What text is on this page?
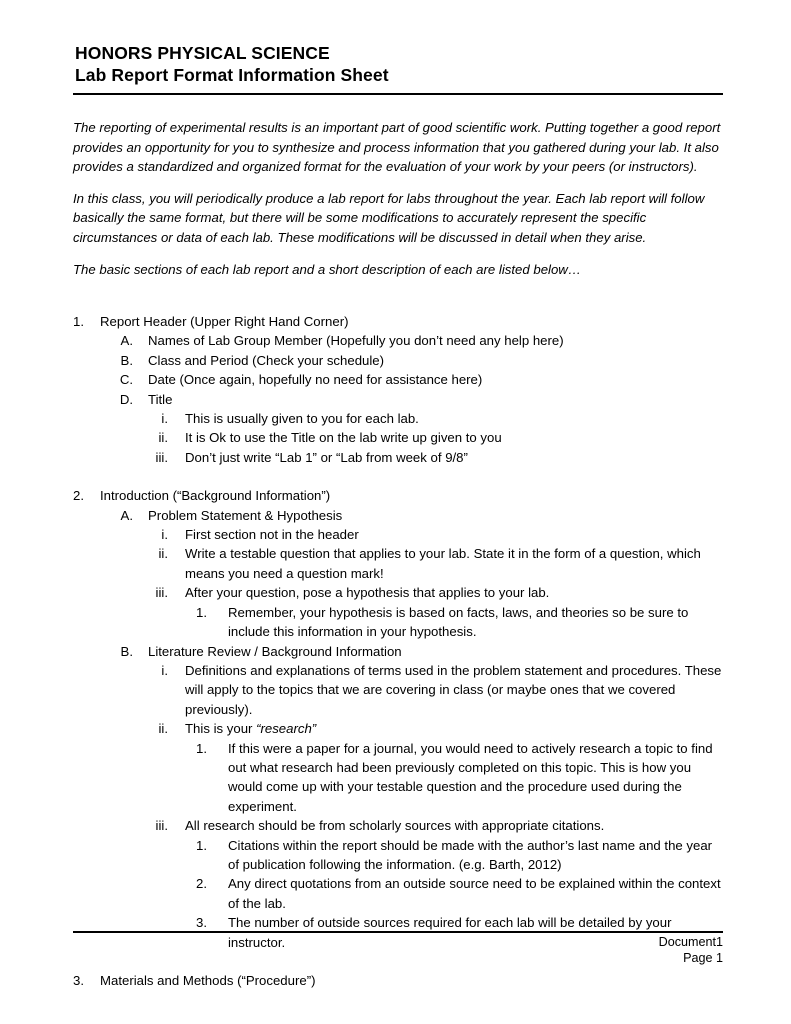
HONORS PHYSICAL SCIENCE
Lab Report Format Information Sheet

The reporting of experimental results is an important part of good scientific work. Putting together a good report provides an opportunity for you to synthesize and process information that you gathered during your lab. It also provides a standardized and organized format for the evaluation of your work by your peers (or instructors).

In this class, you will periodically produce a lab report for labs throughout the year. Each lab report will follow basically the same format, but there will be some modifications to accurately represent the specific circumstances or data of each lab. These modifications will be discussed in detail when they arise.

The basic sections of each lab report and a short description of each are listed below…

1. Report Header (Upper Right Hand Corner)
A. Names of Lab Group Member (Hopefully you don’t need any help here)
B. Class and Period (Check your schedule)
C. Date (Once again, hopefully no need for assistance here)
D. Title
i. This is usually given to you for each lab.
ii. It is Ok to use the Title on the lab write up given to you
iii. Don’t just write “Lab 1” or “Lab from week of 9/8”
2. Introduction (“Background Information”)
A. Problem Statement & Hypothesis
i. First section not in the header
ii. Write a testable question that applies to your lab. State it in the form of a question, which means you need a question mark!
iii. After your question, pose a hypothesis that applies to your lab.
1. Remember, your hypothesis is based on facts, laws, and theories so be sure to include this information in your hypothesis.
B. Literature Review / Background Information
i. Definitions and explanations of terms used in the problem statement and procedures. These will apply to the topics that we are covering in class (or maybe ones that we covered previously).
ii. This is your “research”
1. If this were a paper for a journal, you would need to actively research a topic to find out what research had been previously completed on this topic. This is how you would come up with your testable question and the procedure used during the experiment.
iii. All research should be from scholarly sources with appropriate citations.
1. Citations within the report should be made with the author’s last name and the year of publication following the information. (e.g. Barth, 2012)
2. Any direct quotations from an outside source need to be explained within the context of the lab.
3. The number of outside sources required for each lab will be detailed by your instructor.
3. Materials and Methods (“Procedure”)
Document1
Page 1
